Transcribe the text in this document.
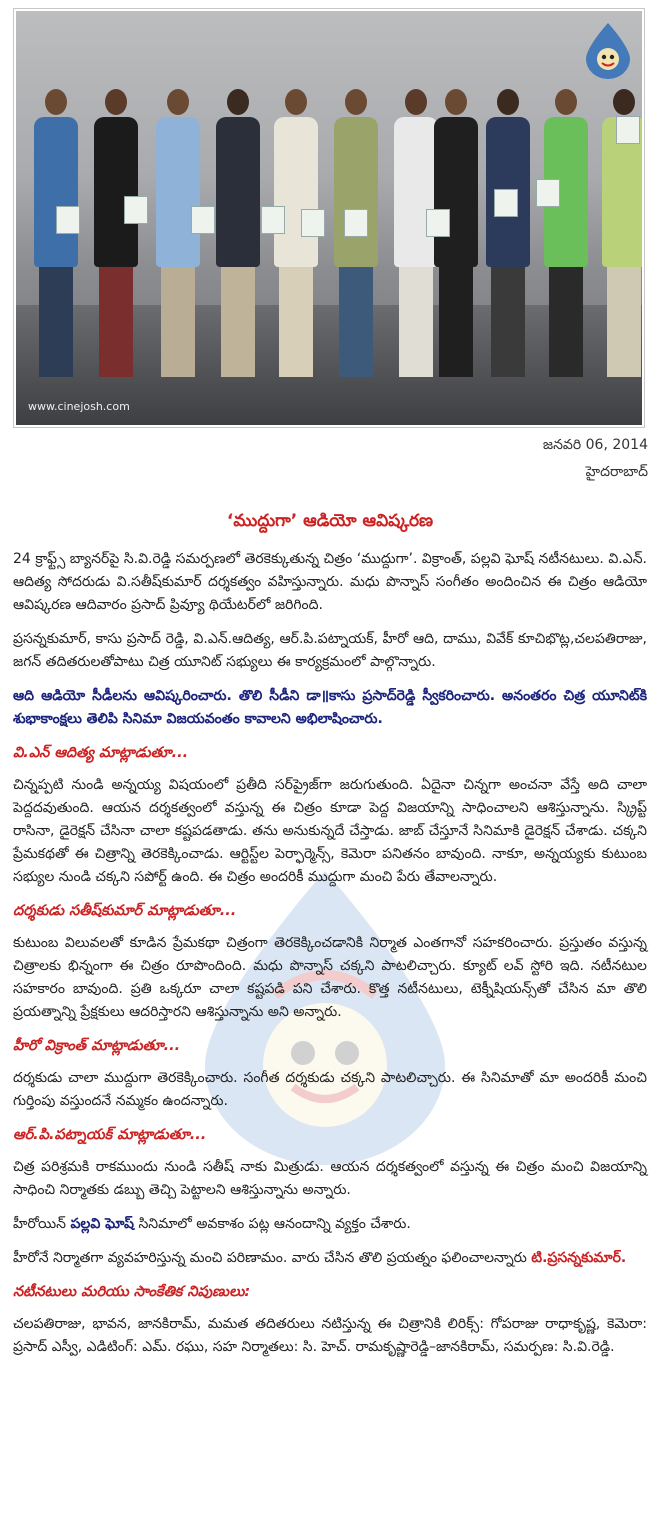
www.cinejosh.com
జనవరి 06, 2014
హైదరాబాద్
‘ముద్దుగా’ ఆడియో ఆవిష్కరణ

24 క్రాఫ్ట్స్ బ్యానర్‌పై సి.వి.రెడ్డి సమర్పణలో తెరకెక్కుతున్న చిత్రం ‘ముద్దుగా’. విక్రాంత్, పల్లవి ఘోష్ నటీనటులు. వి.ఎన్. ఆదిత్య సోదరుడు వి.సతీష్‌కుమార్ దర్శకత్వం వహిస్తున్నారు. మధు పొన్నాస్ సంగీతం అందించిన ఈ చిత్రం ఆడియో ఆవిష్కరణ ఆదివారం ప్రసాద్ ప్రివ్యూ థియేటర్‌లో జరిగింది.

ప్రసన్నకుమార్, కాసు ప్రసాద్ రెడ్డి, వి.ఎన్.ఆదిత్య, ఆర్.పి.పట్నాయక్, హీరో ఆది, దాము, వివేక్ కూచిభొట్ల,చలపతిరాజు, జగన్ తదితరులతోపాటు చిత్ర యూనిట్ సభ్యులు ఈ కార్యక్రమంలో పాల్గొన్నారు.

ఆది ఆడియో సీడీలను ఆవిష్కరించారు. తొలి సీడీని డా॥కాసు ప్రసాద్‌రెడ్డి స్వీకరించారు. అనంతరం చిత్ర యూనిట్‌కి శుభాకాంక్షలు తెలిపి సినిమా విజయవంతం కావాలని అభిలాషించారు.

వి.ఎన్ ఆదిత్య మాట్లాడుతూ...

చిన్నప్పటి నుండి అన్నయ్య విషయంలో ప్రతీది సర్‌ప్రైజ్‌గా జరుగుతుంది. ఏదైనా చిన్నగా అంచనా వేస్తే అది చాలా పెద్దదవుతుంది. ఆయన దర్శకత్వంలో వస్తున్న ఈ చిత్రం కూడా పెద్ద విజయాన్ని సాధించాలని ఆశిస్తున్నాను. స్క్రిప్ట్ రాసినా, డైరెక్షన్ చేసినా చాలా కష్టపడతాడు. తను అనుకున్నదే చేస్తాడు. జాబ్ చేస్తూనే సినిమాకి డైరెక్షన్ చేశాడు. చక్కని ప్రేమకథతో ఈ చిత్రాన్ని తెరకెక్కించాడు. ఆర్టిస్ట్‌ల పెర్ఫార్మెన్స్, కెమెరా పనితనం బావుంది. నాకూ, అన్నయ్యకు కుటుంబ సభ్యుల నుండి చక్కని సపోర్ట్ ఉంది. ఈ చిత్రం అందరికీ ముద్దుగా మంచి పేరు తేవాలన్నారు.

దర్శకుడు సతీష్‌కుమార్ మాట్లాడుతూ...

కుటుంబ విలువలతో కూడిన ప్రేమకథా చిత్రంగా తెరకెక్కించడానికి నిర్మాత ఎంతగానో సహకరించారు. ప్రస్తుతం వస్తున్న చిత్రాలకు భిన్నంగా ఈ చిత్రం రూపొందింది. మధు పొన్నాస్ చక్కని పాటలిచ్చారు. క్యూట్ లవ్ స్టోరి ఇది. నటీనటుల సహకారం బావుంది. ప్రతి ఒక్కరూ చాలా కష్టపడి పని చేశారు. కొత్త నటీనటులు, టెక్నీషియన్స్‌తో చేసిన మా తొలి ప్రయత్నాన్ని ప్రేక్షకులు ఆదరిస్తారని ఆశిస్తున్నాను అని అన్నారు.

హీరో విక్రాంత్ మాట్లాడుతూ...

దర్శకుడు చాలా ముద్దుగా తెరకెక్కించారు. సంగీత దర్శకుడు చక్కని పాటలిచ్చారు. ఈ సినిమాతో మా అందరికీ మంచి గుర్తింపు వస్తుందనే నమ్మకం ఉందన్నారు.

ఆర్.పి.పట్నాయక్ మాట్లాడుతూ...

చిత్ర పరిశ్రమకి రాకముందు నుండి సతీష్ నాకు మిత్రుడు. ఆయన దర్శకత్వంలో వస్తున్న ఈ చిత్రం మంచి విజయాన్ని సాధించి నిర్మాతకు డబ్బు తెచ్చి పెట్టాలని ఆశిస్తున్నాను అన్నారు.

హీరోయిన్ పల్లవి ఘోష్ సినిమాలో అవకాశం పట్ల ఆనందాన్ని వ్యక్తం చేశారు.

హీరోనే నిర్మాతగా వ్యవహరిస్తున్న మంచి పరిణామం. వారు చేసిన తొలి ప్రయత్నం ఫలించాలన్నారు టి.ప్రసన్నకుమార్.

నటీనటులు మరియు సాంకేతిక నిపుణులు:

చలపతిరాజు, భావన, జానకిరామ్, మమత తదితరులు నటిస్తున్న ఈ చిత్రానికి లిరిక్స్: గోపరాజు రాధాకృష్ణ, కెమెరా: ప్రసాద్ ఎస్వీ, ఎడిటింగ్: ఎమ్. రఘు, సహ నిర్మాతలు: సి. హెచ్. రామకృష్ణారెడ్డి–జానకిరామ్, సమర్పణ: సి.వి.రెడ్డి.
